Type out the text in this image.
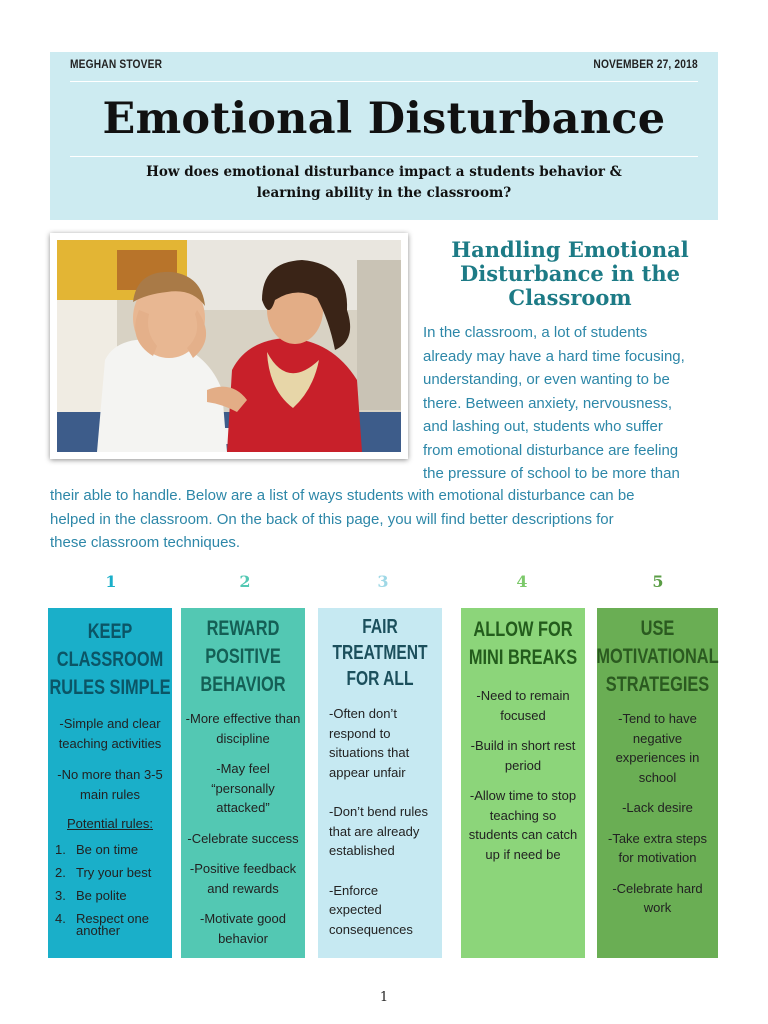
MEGHAN STOVER	NOVEMBER 27, 2018
Emotional Disturbance
How does emotional disturbance impact a students behavior &
learning ability in the classroom?
Handling Emotional
Disturbance in the
Classroom
In the classroom, a lot of students
already may have a hard time focusing,
understanding, or even wanting to be
there. Between anxiety, nervousness,
and lashing out, students who suffer
from emotional disturbance are feeling
the pressure of school to be more than
their able to handle. Below are a list of ways students with emotional disturbance can be
helped in the classroom. On the back of this page, you will find better descriptions for
these classroom techniques.
1	2	3	4	5
KEEP
CLASSROOM
RULES SIMPLE

-Simple and clear teaching activities

-No more than 3-5 main rules

Potential rules:

1. Be on time
2. Try your best
3. Be polite
4. Respect one another
REWARD
POSITIVE
BEHAVIOR

-More effective than discipline

-May feel “personally attacked”

-Celebrate success

-Positive feedback and rewards

-Motivate good behavior

FAIR TREATMENT
FOR ALL

-Often don’t respond to situations that appear unfair

-Don’t bend rules that are already established

-Enforce expected consequences

ALLOW FOR
MINI BREAKS

-Need to remain focused

-Build in short rest period

-Allow time to stop teaching so students can catch up if need be

USE
MOTIVATIONAL
STRATEGIES

-Tend to have negative experiences in school

-Lack desire

-Take extra steps for motivation

-Celebrate hard work

1
